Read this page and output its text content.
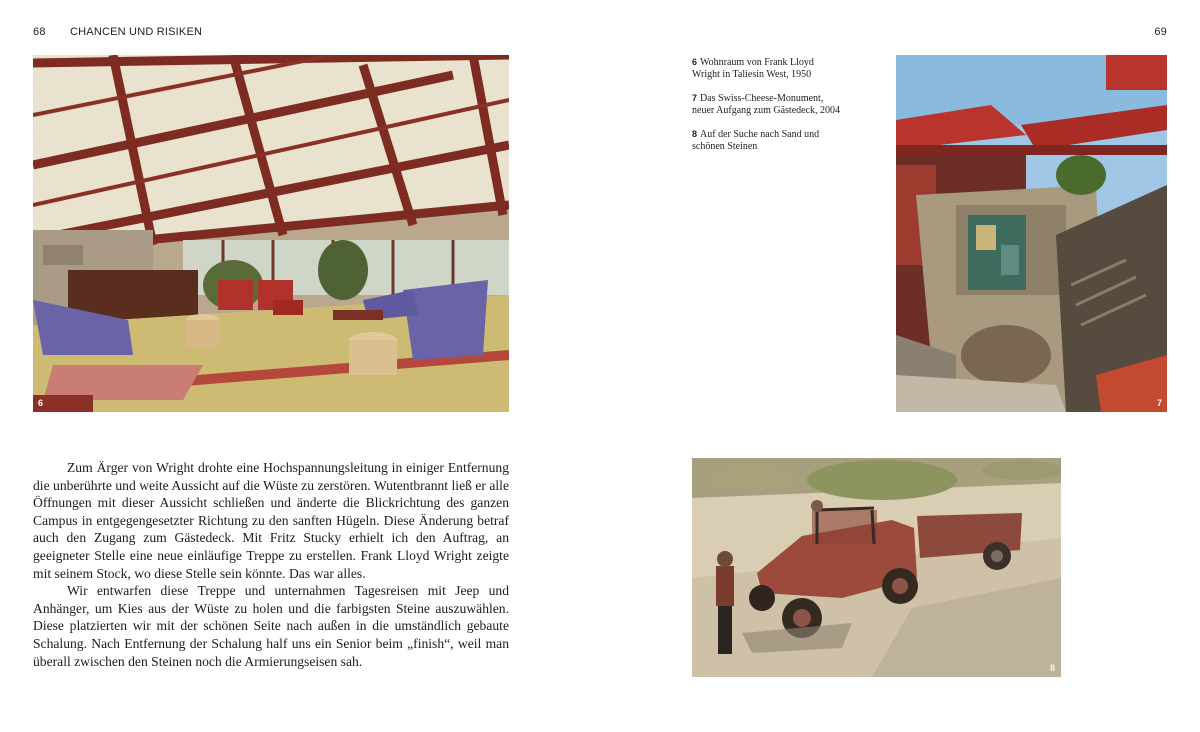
68 CHANCEN UND RISIKEN	69
6
6 Wohnraum von Frank Lloyd Wright in Taliesin West, 1950
7 Das Swiss-Cheese-Monument, neuer Aufgang zum Gästedeck, 2004
8 Auf der Suche nach Sand und schönen Steinen
7

Zum Ärger von Wright drohte eine Hochspannungsleitung in einiger Entfernung die unberührte und weite Aussicht auf die Wüste zu zerstören. Wutentbrannt ließ er alle Öffnungen mit dieser Aussicht schließen und änderte die Blickrichtung des ganzen Campus in entgegengesetzter Richtung zu den sanften Hügeln. Diese Änderung betraf auch den Zugang zum Gästedeck. Mit Fritz Stucky erhielt ich den Auftrag, an geeigneter Stelle eine neue einläufige Treppe zu erstellen. Frank Lloyd Wright zeigte mit seinem Stock, wo diese Stelle sein könnte. Das war alles.

Wir entwarfen diese Treppe und unternahmen Tagesreisen mit Jeep und Anhänger, um Kies aus der Wüste zu holen und die farbigsten Steine auszuwählen. Diese platzierten wir mit der schönen Seite nach außen in die umständlich gebaute Schalung. Nach Entfernung der Schalung half uns ein Senior beim „finish“, weil man überall zwischen den Steinen noch die Armierungseisen sah.	8
